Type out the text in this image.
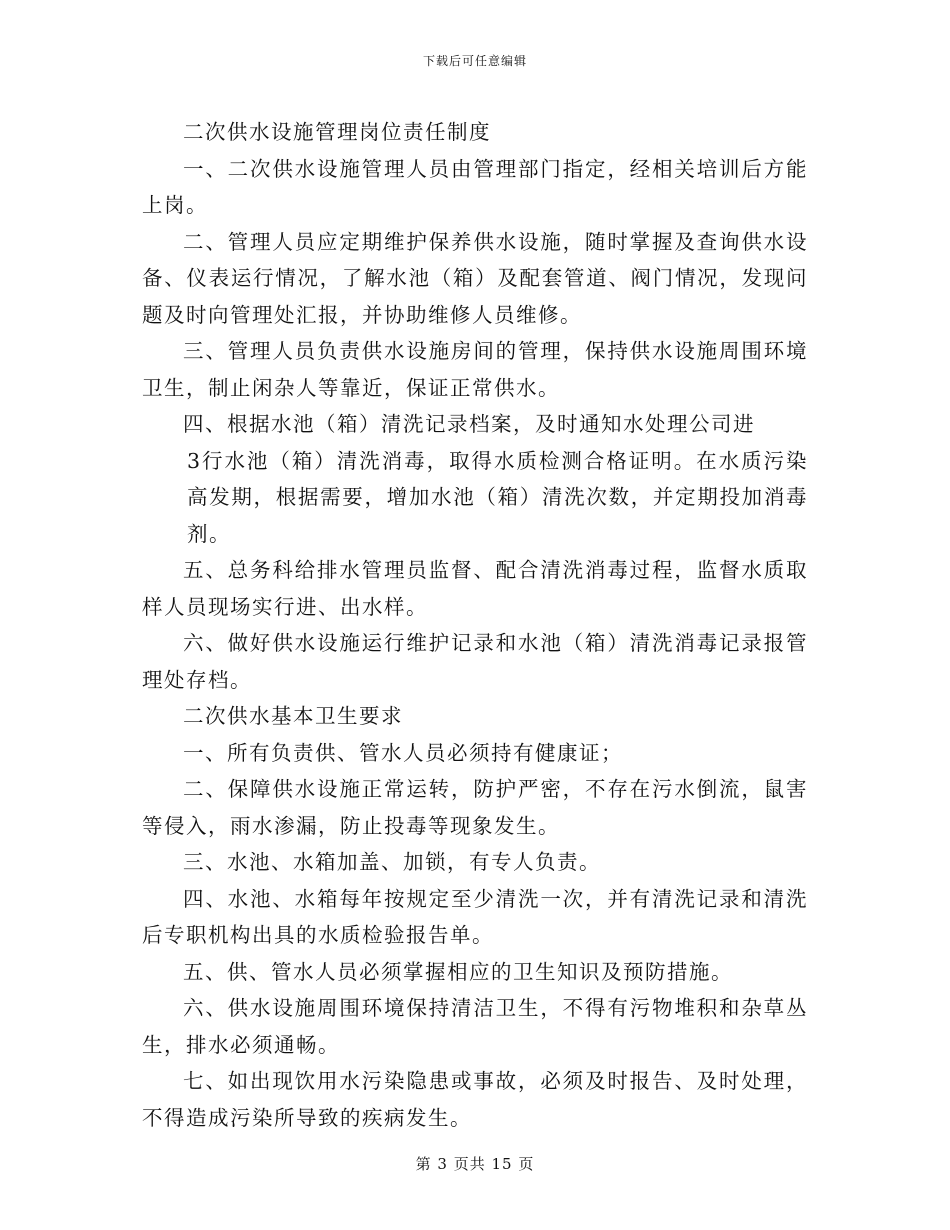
下载后可任意编辑

二次供水设施管理岗位责任制度

一、二次供水设施管理人员由管理部门指定，经相关培训后方能上岗。

二、管理人员应定期维护保养供水设施，随时掌握及查询供水设备、仪表运行情况，了解水池（箱）及配套管道、阀门情况，发现问题及时向管理处汇报，并协助维修人员维修。

三、管理人员负责供水设施房间的管理，保持供水设施周围环境卫生，制止闲杂人等靠近，保证正常供水。

四、根据水池（箱）清洗记录档案，及时通知水处理公司进

3行水池（箱）清洗消毒，取得水质检测合格证明。在水质污染高发期，根据需要，增加水池（箱）清洗次数，并定期投加消毒剂。

五、总务科给排水管理员监督、配合清洗消毒过程，监督水质取样人员现场实行进、出水样。

六、做好供水设施运行维护记录和水池（箱）清洗消毒记录报管理处存档。

二次供水基本卫生要求

一、所有负责供、管水人员必须持有健康证；

二、保障供水设施正常运转，防护严密，不存在污水倒流，鼠害等侵入，雨水渗漏，防止投毒等现象发生。

三、水池、水箱加盖、加锁，有专人负责。

四、水池、水箱每年按规定至少清洗一次，并有清洗记录和清洗后专职机构出具的水质检验报告单。

五、供、管水人员必须掌握相应的卫生知识及预防措施。

六、供水设施周围环境保持清洁卫生，不得有污物堆积和杂草丛生，排水必须通畅。

七、如出现饮用水污染隐患或事故，必须及时报告、及时处理，不得造成污染所导致的疾病发生。

第 3 页共 15 页
